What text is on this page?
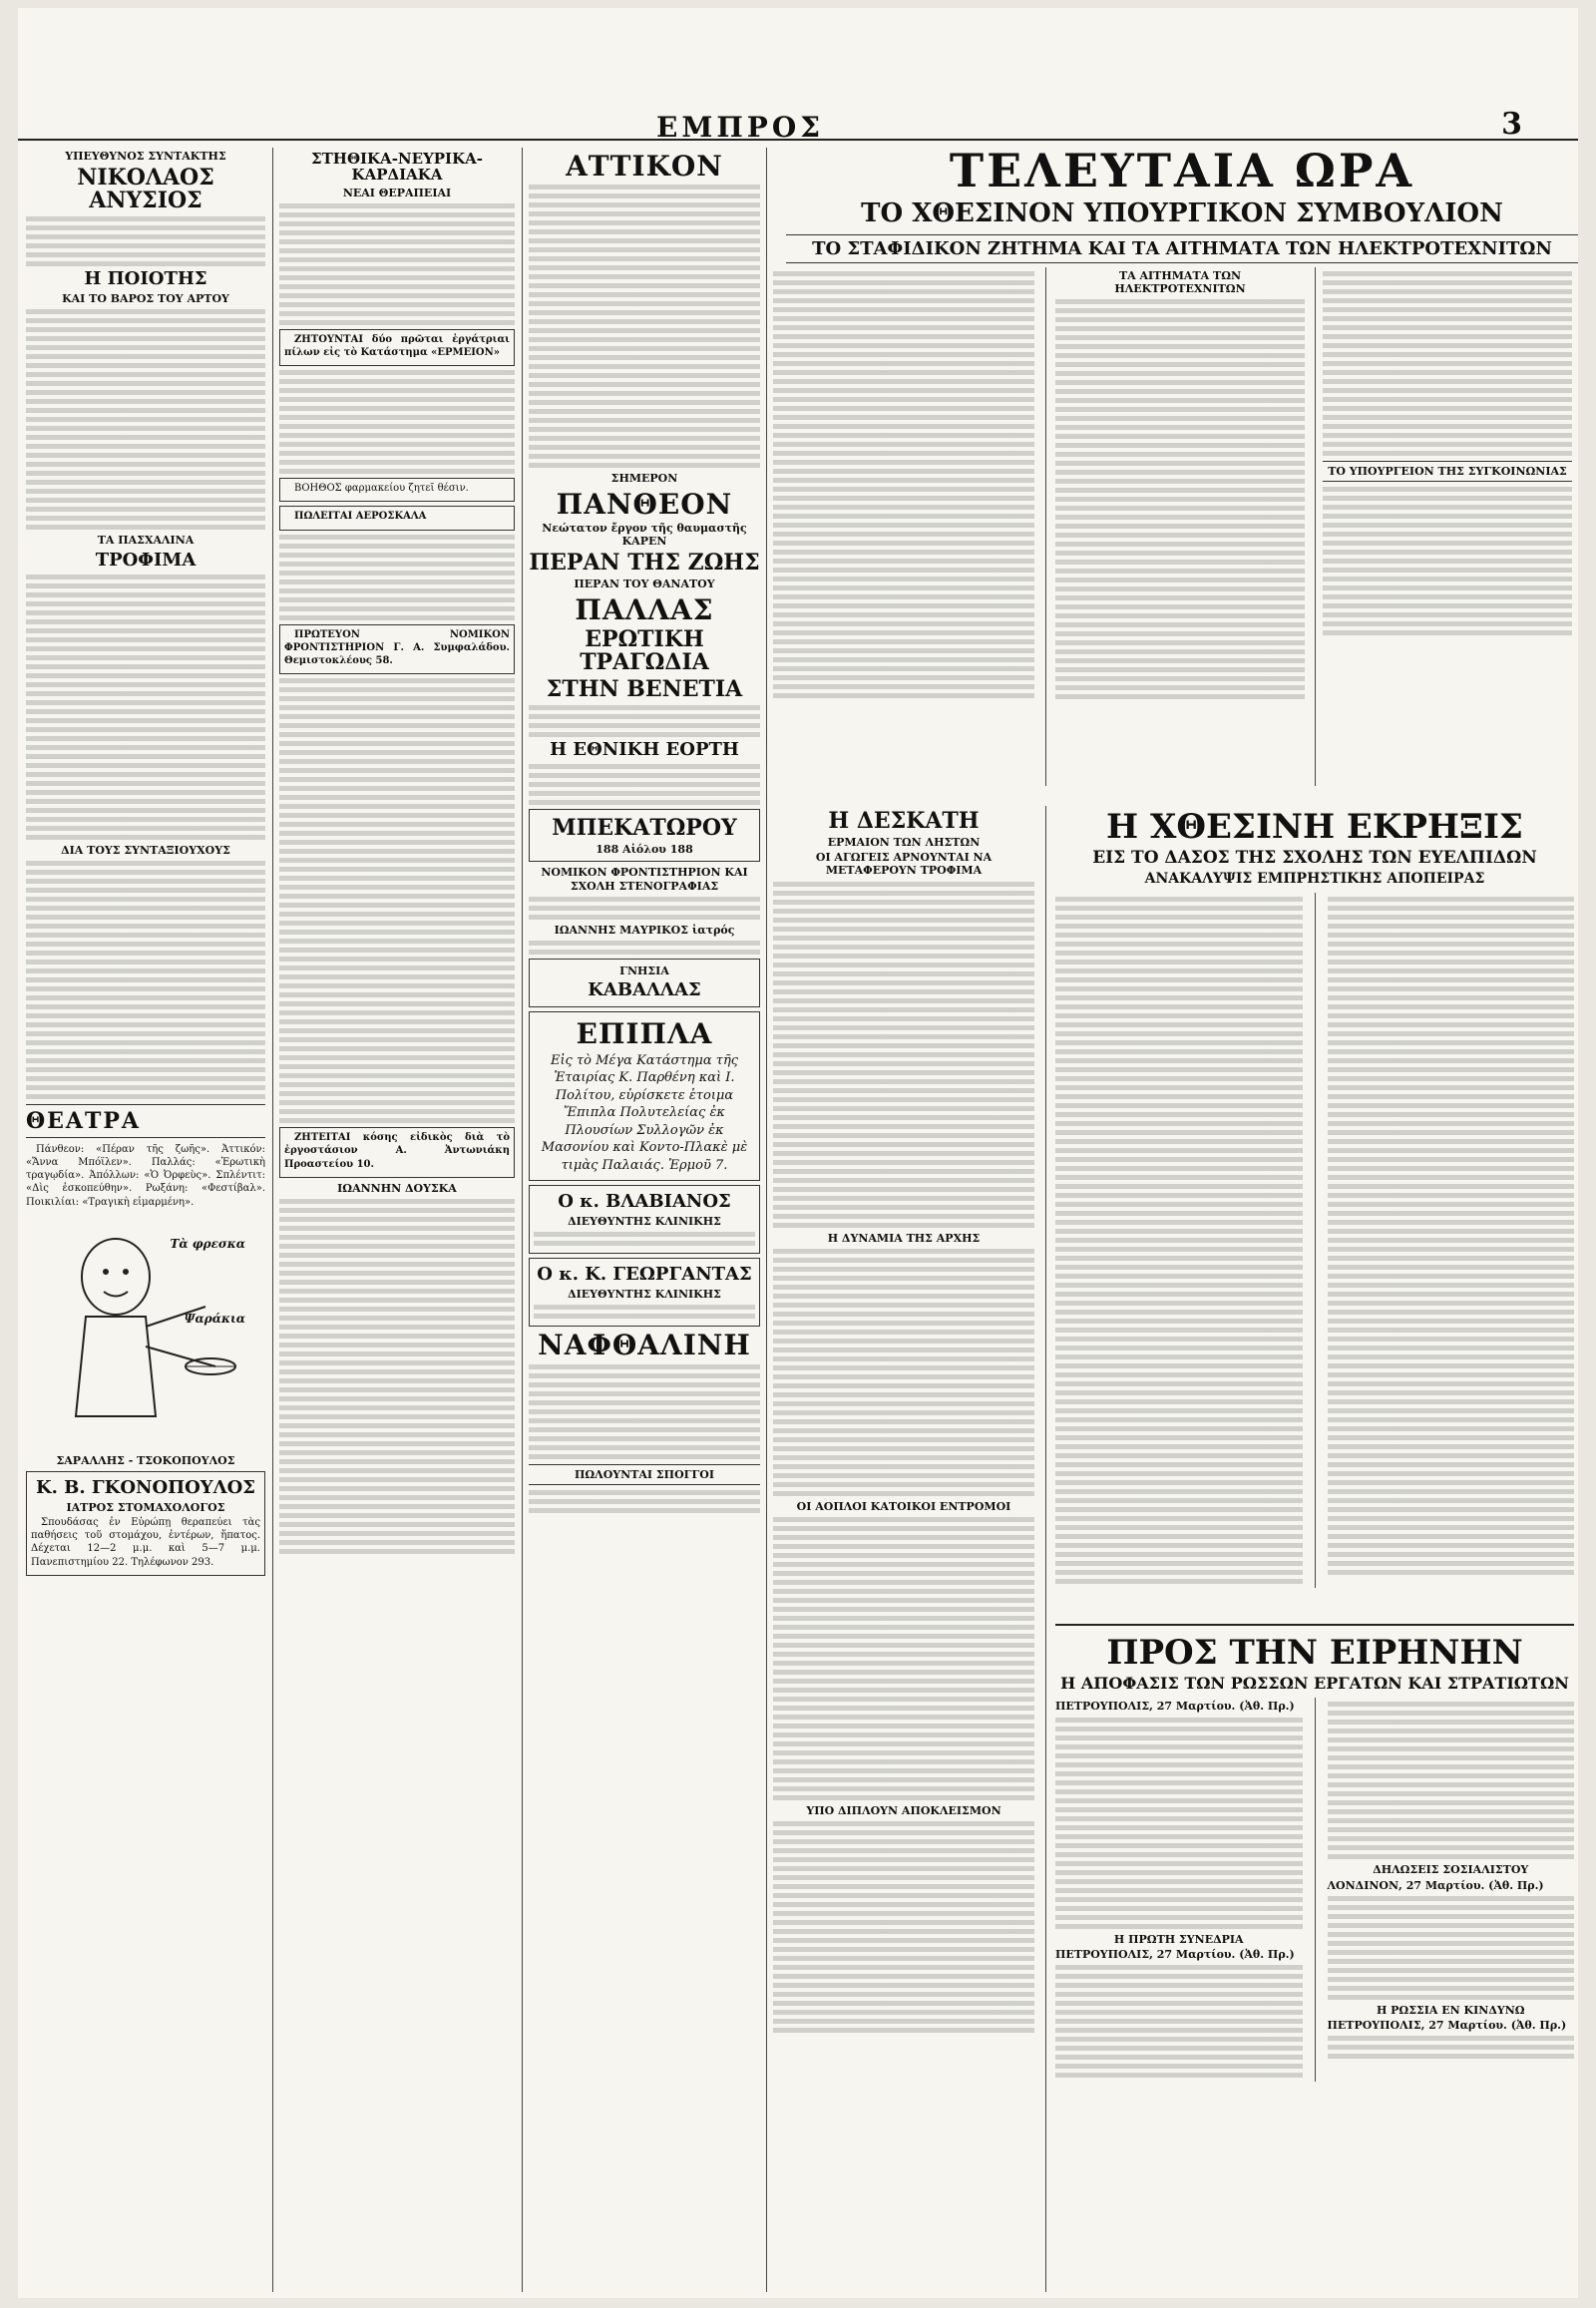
ΕΜΠΡΟΣ	3
ΥΠΕΥΘΥΝΟΣ ΣΥΝΤΑΚΤΗΣ
ΝΙΚΟΛΑΟΣ ΑΝΥΣΙΟΣ
Η ΠΟΙΟΤΗΣ
ΚΑΙ ΤΟ ΒΑΡΟΣ ΤΟΥ ΑΡΤΟΥ
ΤΑ ΠΑΣΧΑΛΙΝΑ
ΤΡΟΦΙΜΑ
ΔΙΑ ΤΟΥΣ ΣΥΝΤΑΞΙΟΥΧΟΥΣ
ΘΕΑΤΡΑ

Πάνθεον: «Πέραν τῆς ζωῆς». Ἀττικόν: «Ἄννα Μπόϊλεν». Παλλάς: «Ἐρωτικὴ τραγῳδία». Ἀπόλλων: «Ὁ Ὀρφεὺς». Σπλέντιτ: «Δὶς ἐσκοπεύθην». Ρωξάνη: «Φεστίβαλ». Ποικιλίαι: «Τραγικὴ εἰμαρμένη».

Τὰ φρεσκα
Ψαράκια
ΣΑΡΑΛΛΗΣ - ΤΣΟΚΟΠΟΥΛΟΣ
Κ. Β. ΓΚΟΝΟΠΟΥΛΟΣ
ΙΑΤΡΟΣ ΣΤΟΜΑΧΟΛΟΓΟΣ

Σπουδάσας ἐν Εὐρώπῃ θεραπεύει τὰς παθήσεις τοῦ στομάχου, ἐντέρων, ἥπατος. Δέχεται 12—2 μ.μ. καὶ 5—7 μ.μ. Πανεπιστημίου 22. Τηλέφωνον 293.

ΣΤΗΘΙΚΑ-ΝΕΥΡΙΚΑ-ΚΑΡΔΙΑΚΑ
ΝΕΑΙ ΘΕΡΑΠΕΙΑΙ

ΖΗΤΟΥΝΤΑΙ δύο πρῶται ἐργάτριαι πίλων εἰς τὸ Κατάστημα «ΕΡΜΕΙΟΝ»

ΒΟΗΘΟΣ φαρμακείου ζητεῖ θέσιν.

ΠΩΛΕΙΤΑΙ ΑΕΡΟΣΚΑΛΑ

ΠΡΩΤΕΥΟΝ ΝΟΜΙΚΟΝ ΦΡΟΝΤΙΣΤΗΡΙΟΝ Γ. Α. Συμφαλάδου. Θεμιστοκλέους 58.

ΖΗΤΕΙΤΑΙ κόσης εἰδικὸς διὰ τὸ ἐργοστάσιον Α. Ἀντωνιάκη Προαστείου 10.

ΙΩΑΝΝΗΝ ΔΟΥΣΚΑ
ΑΤΤΙΚΟΝ
ΣΗΜΕΡΟΝ
ΠΑΝΘΕΟΝ
Νεώτατον ἔργον τῆς θαυμαστῆς ΚΑΡΕΝ
ΠΕΡΑΝ ΤΗΣ ΖΩΗΣ
ΠΕΡΑΝ ΤΟΥ ΘΑΝΑΤΟΥ
ΠΑΛΛΑΣ
ΕΡΩΤΙΚΗ ΤΡΑΓΩΔΙΑ
ΣΤΗΝ ΒΕΝΕΤΙΑ
Η ΕΘΝΙΚΗ ΕΟΡΤΗ
ΜΠΕΚΑΤΩΡΟΥ
188 Αἰόλου 188
ΝΟΜΙΚΟΝ ΦΡΟΝΤΙΣΤΗΡΙΟΝ ΚΑΙ ΣΧΟΛΗ ΣΤΕΝΟΓΡΑΦΙΑΣ
ΙΩΑΝΝΗΣ ΜΑΥΡΙΚΟΣ ἰατρός
ΓΝΗΣΙΑ
ΚΑΒΑΛΛΑΣ
ΕΠΙΠΛΑ

Εἰς τὸ Μέγα Κατάστημα τῆς Ἑταιρίας Κ. Παρθένη καὶ Ι. Πολίτου, εὑρίσκετε ἑτοιμα Ἔπιπλα Πολυτελείας ἐκ Πλουσίων Συλλογῶν ἐκ Μασονίου καὶ Κοντο-Πλακὲ μὲ τιμὰς Παλαιάς. Ἑρμοῦ 7.

Ο κ. ΒΛΑΒΙΑΝΟΣ
ΔΙΕΥΘΥΝΤΗΣ ΚΛΙΝΙΚΗΣ
Ο κ. Κ. ΓΕΩΡΓΑΝΤΑΣ
ΔΙΕΥΘΥΝΤΗΣ ΚΛΙΝΙΚΗΣ
ΝΑΦΘΑΛΙΝΗ
ΠΩΛΟΥΝΤΑΙ ΣΠΟΓΓΟΙ
ΤΕΛΕΥΤΑΙΑ ΩΡΑ
ΤΟ ΧΘΕΣΙΝΟΝ ΥΠΟΥΡΓΙΚΟΝ ΣΥΜΒΟΥΛΙΟΝ
ΤΟ ΣΤΑΦΙΔΙΚΟΝ ΖΗΤΗΜΑ ΚΑΙ ΤΑ ΑΙΤΗΜΑΤΑ ΤΩΝ ΗΛΕΚΤΡΟΤΕΧΝΙΤΩΝ
ΤΑ ΑΙΤΗΜΑΤΑ ΤΩΝ ΗΛΕΚΤΡΟΤΕΧΝΙΤΩΝ
ΤΟ ΥΠΟΥΡΓΕΙΟΝ ΤΗΣ ΣΥΓΚΟΙΝΩΝΙΑΣ
Η ΔΕΣΚΑΤΗ
ΕΡΜΑΙΟΝ ΤΩΝ ΛΗΣΤΩΝ
ΟΙ ΑΓΩΓΕΙΣ ΑΡΝΟΥΝΤΑΙ ΝΑ ΜΕΤΑΦΕΡΟΥΝ ΤΡΟΦΙΜΑ
Η ΔΥΝΑΜΙΑ ΤΗΣ ΑΡΧΗΣ
ΟΙ ΑΟΠΛΟΙ ΚΑΤΟΙΚΟΙ ΕΝΤΡΟΜΟΙ
ΥΠΟ ΔΙΠΛΟΥΝ ΑΠΟΚΛΕΙΣΜΟΝ
Η ΧΘΕΣΙΝΗ ΕΚΡΗΞΙΣ
ΕΙΣ ΤΟ ΔΑΣΟΣ ΤΗΣ ΣΧΟΛΗΣ ΤΩΝ ΕΥΕΛΠΙΔΩΝ
ΑΝΑΚΑΛΥΨΙΣ ΕΜΠΡΗΣΤΙΚΗΣ ΑΠΟΠΕΙΡΑΣ
ΠΡΟΣ ΤΗΝ ΕΙΡΗΝΗΝ
Η ΑΠΟΦΑΣΙΣ ΤΩΝ ΡΩΣΣΩΝ ΕΡΓΑΤΩΝ ΚΑΙ ΣΤΡΑΤΙΩΤΩΝ
ΠΕΤΡΟΥΠΟΛΙΣ, 27 Μαρτίου. (Ἀθ. Πρ.)
Η ΠΡΩΤΗ ΣΥΝΕΔΡΙΑ
ΠΕΤΡΟΥΠΟΛΙΣ, 27 Μαρτίου. (Ἀθ. Πρ.)
ΔΗΛΩΣΕΙΣ ΣΟΣΙΑΛΙΣΤΟΥ
ΛΟΝΔΙΝΟΝ, 27 Μαρτίου. (Ἀθ. Πρ.)
Η ΡΩΣΣΙΑ ΕΝ ΚΙΝΔΥΝΩ
ΠΕΤΡΟΥΠΟΛΙΣ, 27 Μαρτίου. (Ἀθ. Πρ.)
